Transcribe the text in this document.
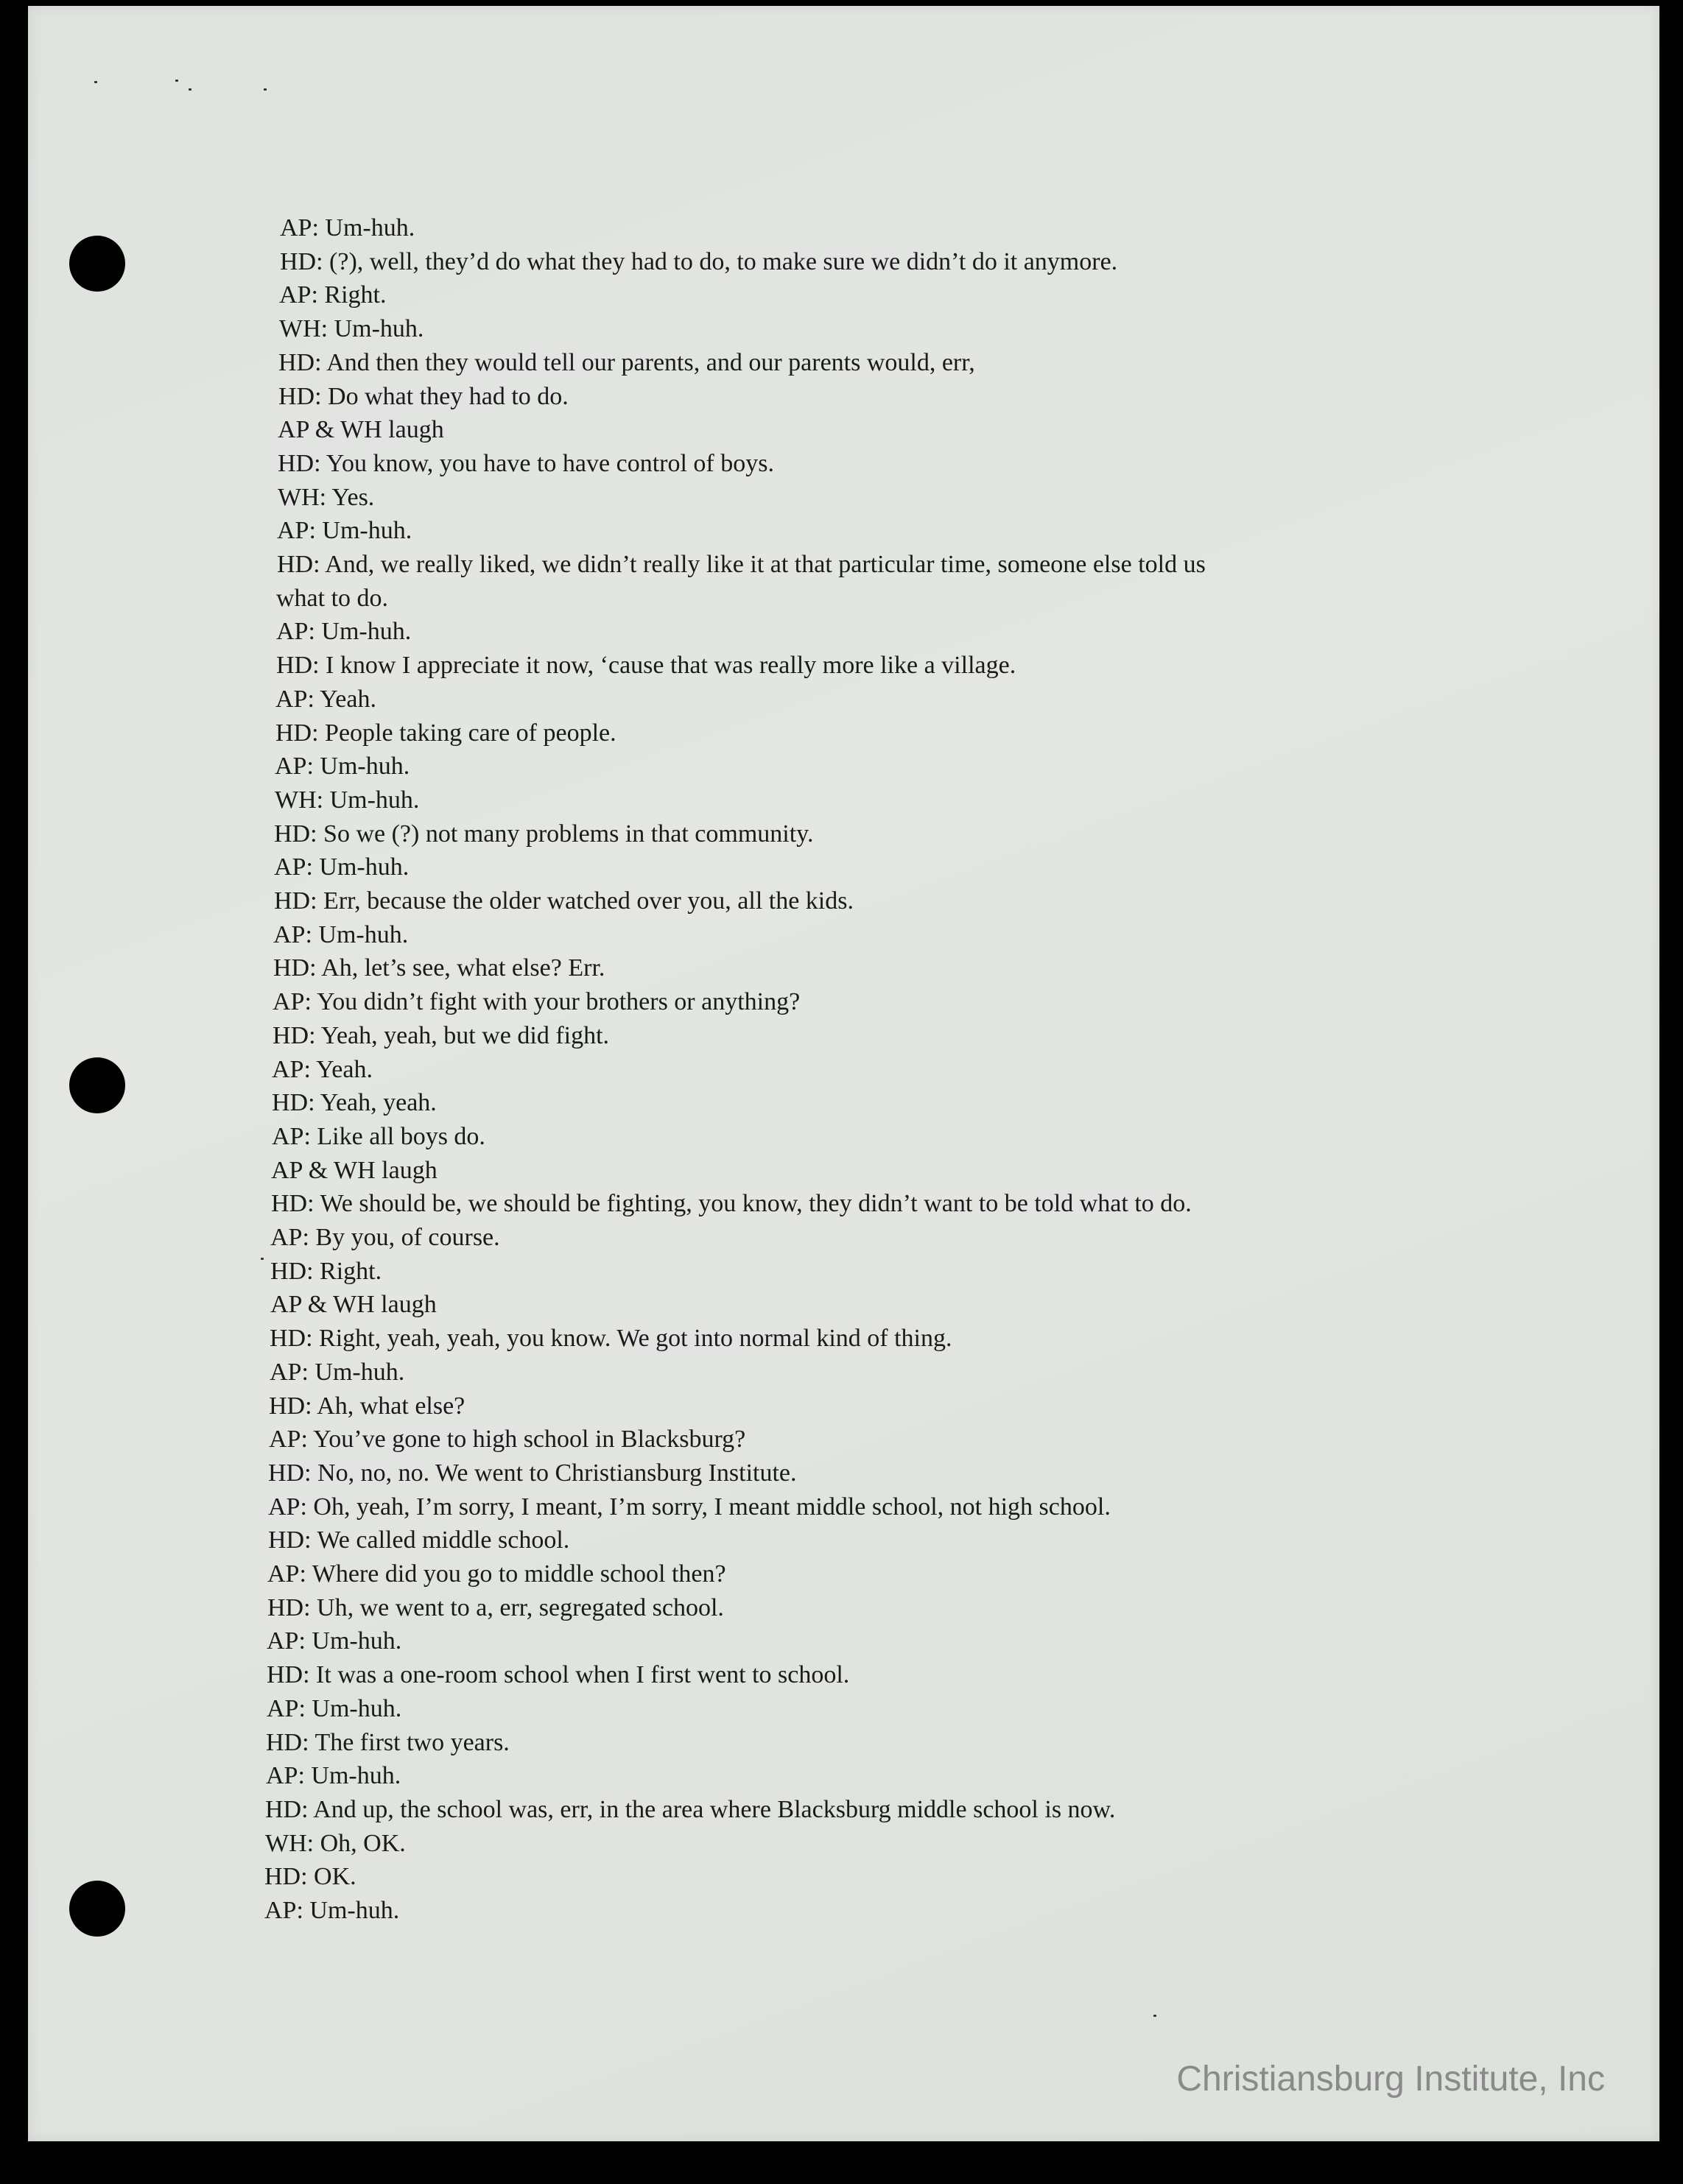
AP: Um-huh.
HD: (?), well, they’d do what they had to do, to make sure we didn’t do it anymore.
AP: Right.
WH: Um-huh.
HD: And then they would tell our parents, and our parents would, err,
HD: Do what they had to do.
AP & WH laugh
HD: You know, you have to have control of boys.
WH: Yes.
AP: Um-huh.
HD: And, we really liked, we didn’t really like it at that particular time, someone else told us
what to do.
AP: Um-huh.
HD: I know I appreciate it now, ‘cause that was really more like a village.
AP: Yeah.
HD: People taking care of people.
AP: Um-huh.
WH: Um-huh.
HD: So we (?) not many problems in that community.
AP: Um-huh.
HD: Err, because the older watched over you, all the kids.
AP: Um-huh.
HD: Ah, let’s see, what else? Err.
AP: You didn’t fight with your brothers or anything?
HD: Yeah, yeah, but we did fight.
AP: Yeah.
HD: Yeah, yeah.
AP: Like all boys do.
AP & WH laugh
HD: We should be, we should be fighting, you know, they didn’t want to be told what to do.
AP: By you, of course.
HD: Right.
AP & WH laugh
HD: Right, yeah, yeah, you know. We got into normal kind of thing.
AP: Um-huh.
HD: Ah, what else?
AP: You’ve gone to high school in Blacksburg?
HD: No, no, no. We went to Christiansburg Institute.
AP: Oh, yeah, I’m sorry, I meant, I’m sorry, I meant middle school, not high school.
HD: We called middle school.
AP: Where did you go to middle school then?
HD: Uh, we went to a, err, segregated school.
AP: Um-huh.
HD: It was a one-room school when I first went to school.
AP: Um-huh.
HD: The first two years.
AP: Um-huh.
HD: And up, the school was, err, in the area where Blacksburg middle school is now.
WH: Oh, OK.
HD: OK.
AP: Um-huh.
Christiansburg Institute, Inc
